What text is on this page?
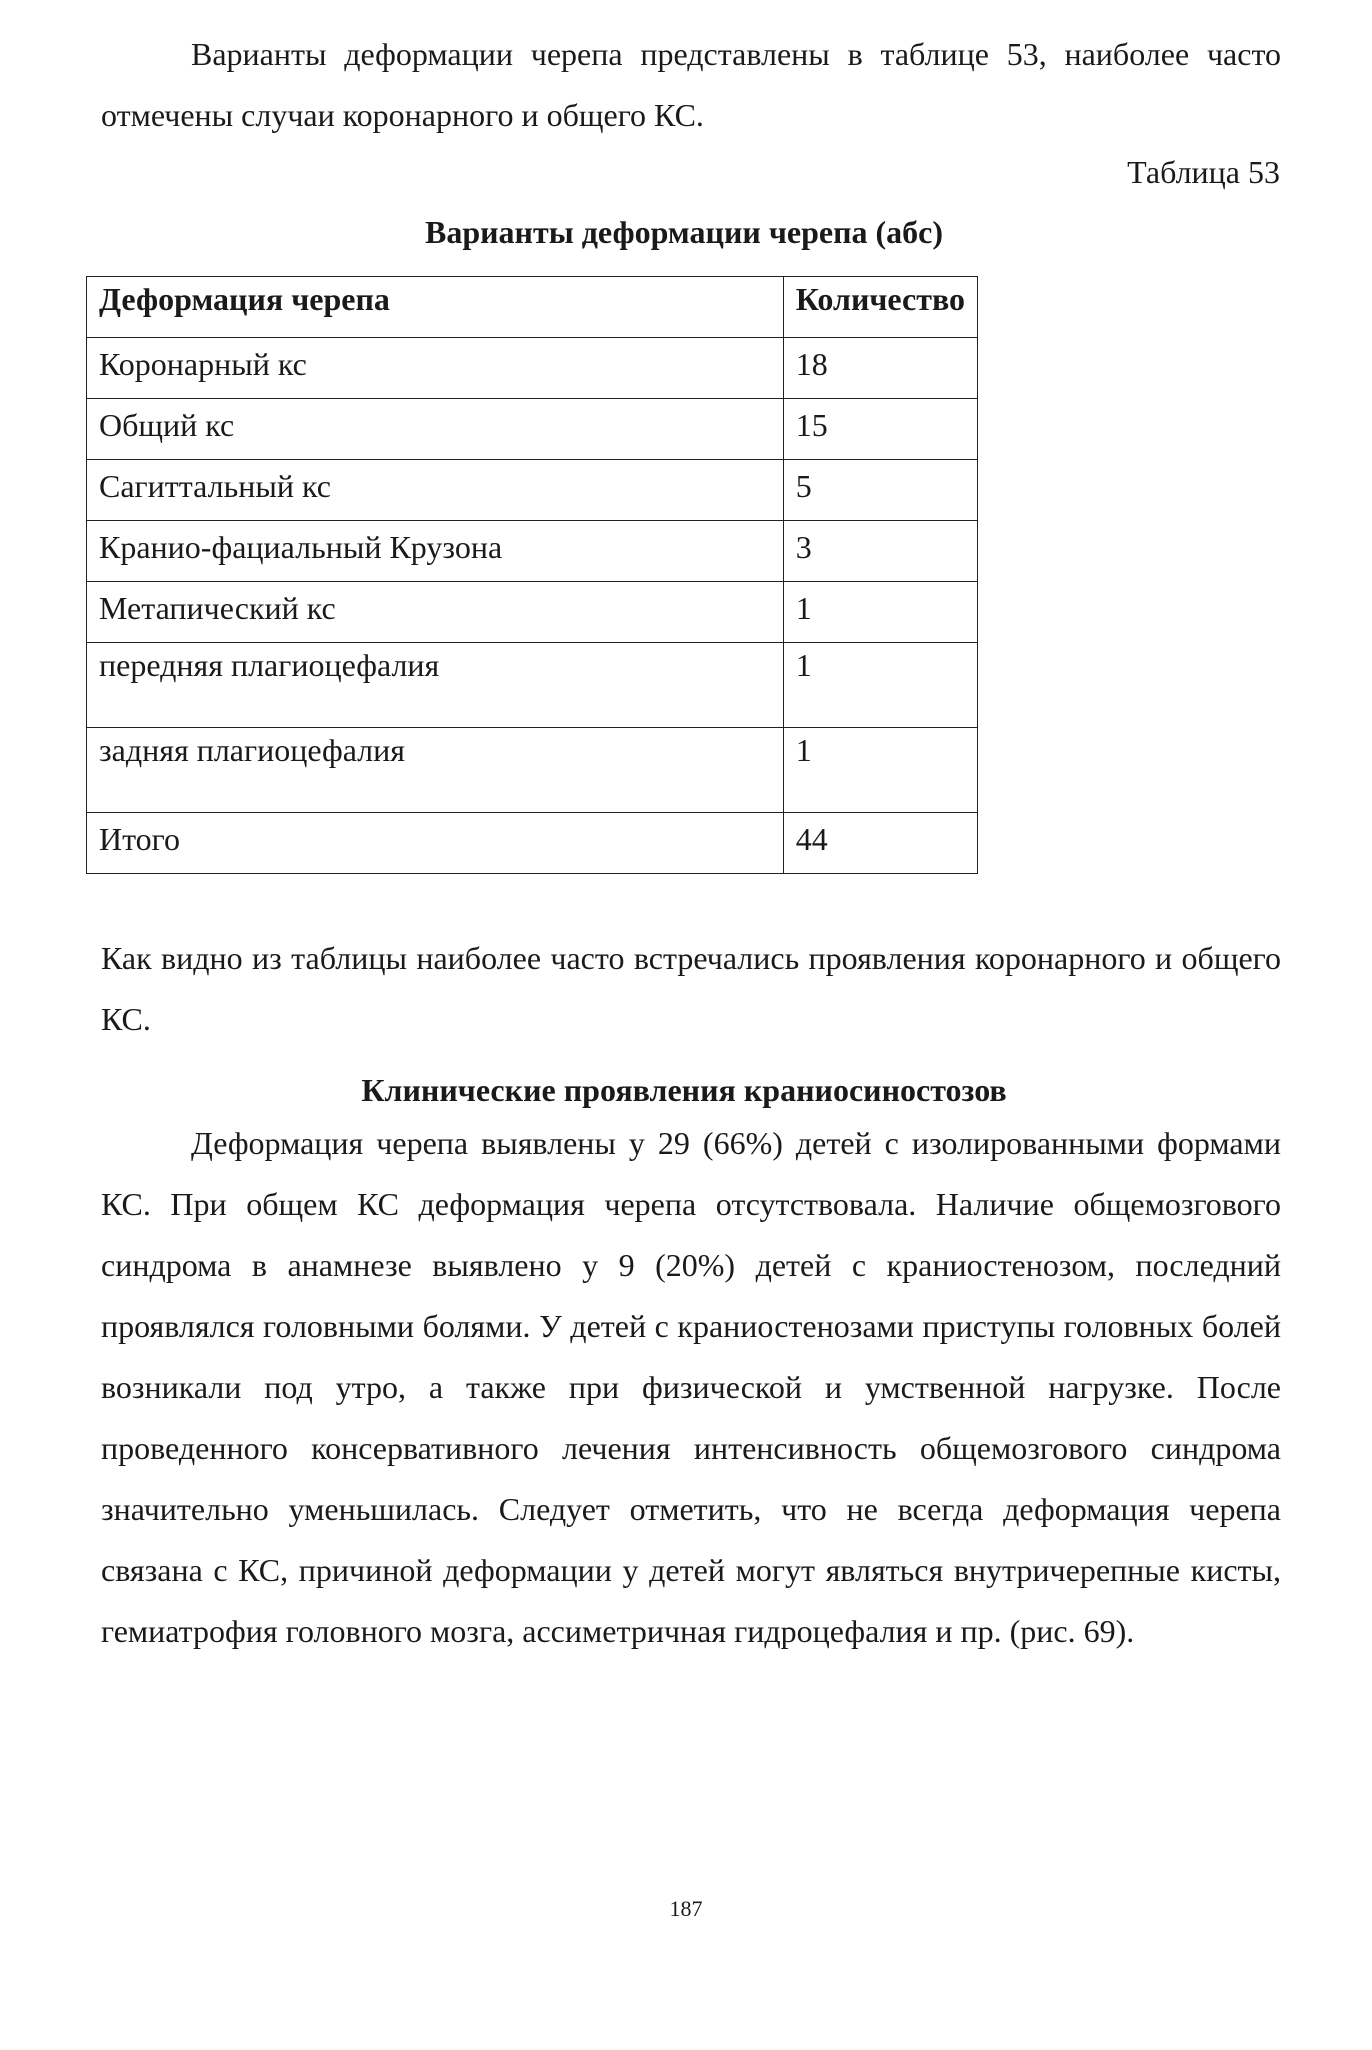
Варианты деформации черепа представлены в таблице 53, наиболее часто отмечены случаи коронарного и общего КС.

Таблица 53

Варианты деформации черепа (абс)

Деформация черепа	Количество
Коронарный кс	18
Общий кс	15
Сагиттальный кс	5
Кранио-фациальный Крузона	3
Метапический кс	1
передняя плагиоцефалия	1
задняя плагиоцефалия	1
Итого	44

Как видно из таблицы наиболее часто встречались проявления коронарного и общего КС.

Клинические проявления краниосиностозов

Деформация черепа выявлены у 29 (66%) детей с изолированными формами КС. При общем КС деформация черепа отсутствовала. Наличие общемозгового синдрома в анамнезе выявлено у 9 (20%) детей с краниостенозом, последний проявлялся головными болями. У детей с краниостенозами приступы головных болей возникали под утро, а также при физической и умственной нагрузке. После проведенного консервативного лечения интенсивность общемозгового синдрома значительно уменьшилась. Следует отметить, что не всегда деформация черепа связана с КС, причиной деформации у детей могут являться внутричерепные кисты, гемиатрофия головного мозга, ассиметричная гидроцефалия и пр. (рис. 69).

187
